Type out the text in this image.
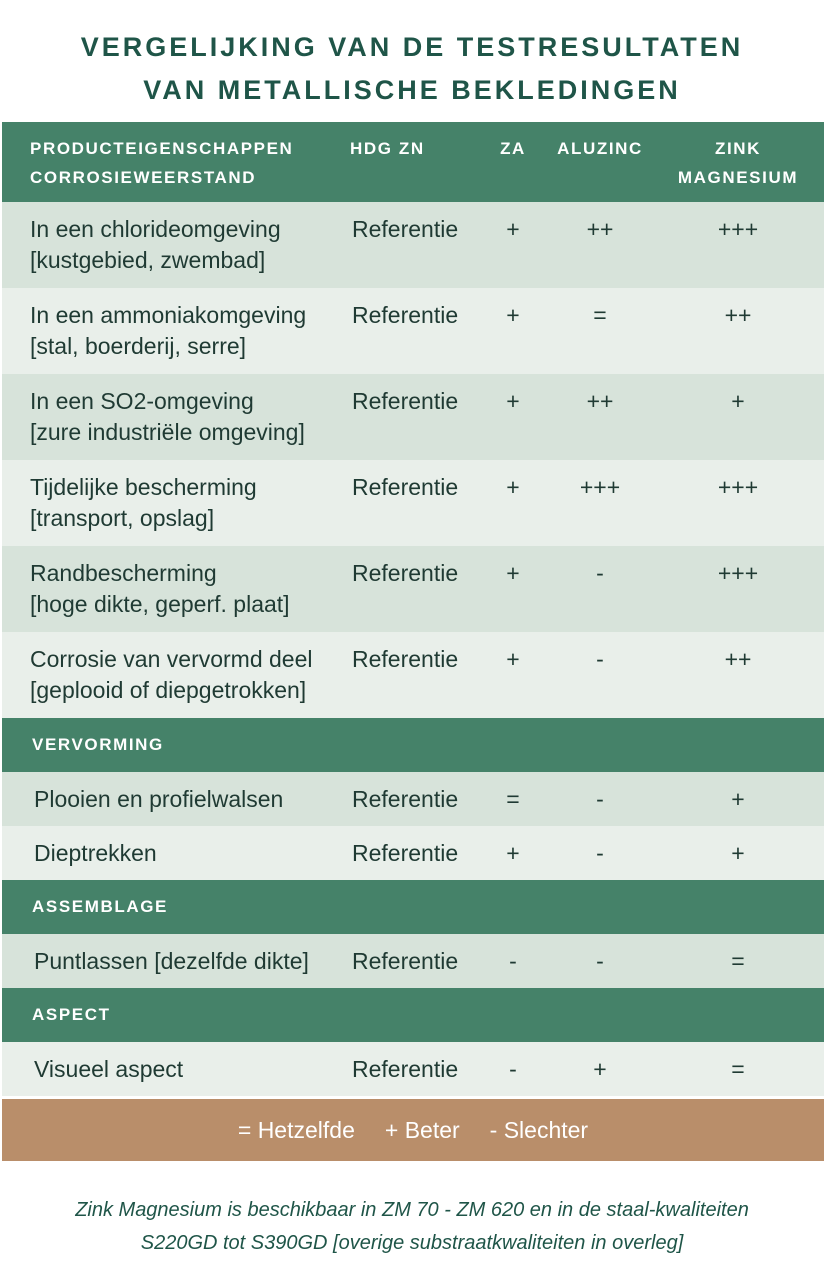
VERGELIJKING VAN DE TESTRESULTATEN
VAN METALLISCHE BEKLEDINGEN
PRODUCTEIGENSCHAPPEN
CORROSIEWEERSTAND
HDG ZN	ZA	ALUZINC	ZINK
MAGNESIUM
In een chlorideomgeving
[kustgebied, zwembad]
Referentie	+	++	+++
In een ammoniakomgeving
[stal, boerderij, serre]
Referentie	+	=	++
In een SO2-omgeving
[zure industriële omgeving]
Referentie	+	++	+
Tijdelijke bescherming
[transport, opslag]
Referentie	+	+++	+++
Randbescherming
[hoge dikte, geperf. plaat]
Referentie	+	-	+++
Corrosie van vervormd deel
[geplooid of diepgetrokken]
Referentie	+	-	++
VERVORMING
Plooien en profielwalsen	Referentie	=	-	+
Dieptrekken	Referentie	+	-	+
ASSEMBLAGE
Puntlassen [dezelfde dikte] Referentie	-	-	=
ASPECT
Visueel aspect	Referentie	-	+	=
= Hetzelfde + Beter - Slechter
Zink Magnesium is beschikbaar in ZM 70 - ZM 620 en in de staal-kwaliteiten
S220GD tot S390GD [overige substraatkwaliteiten in overleg]
